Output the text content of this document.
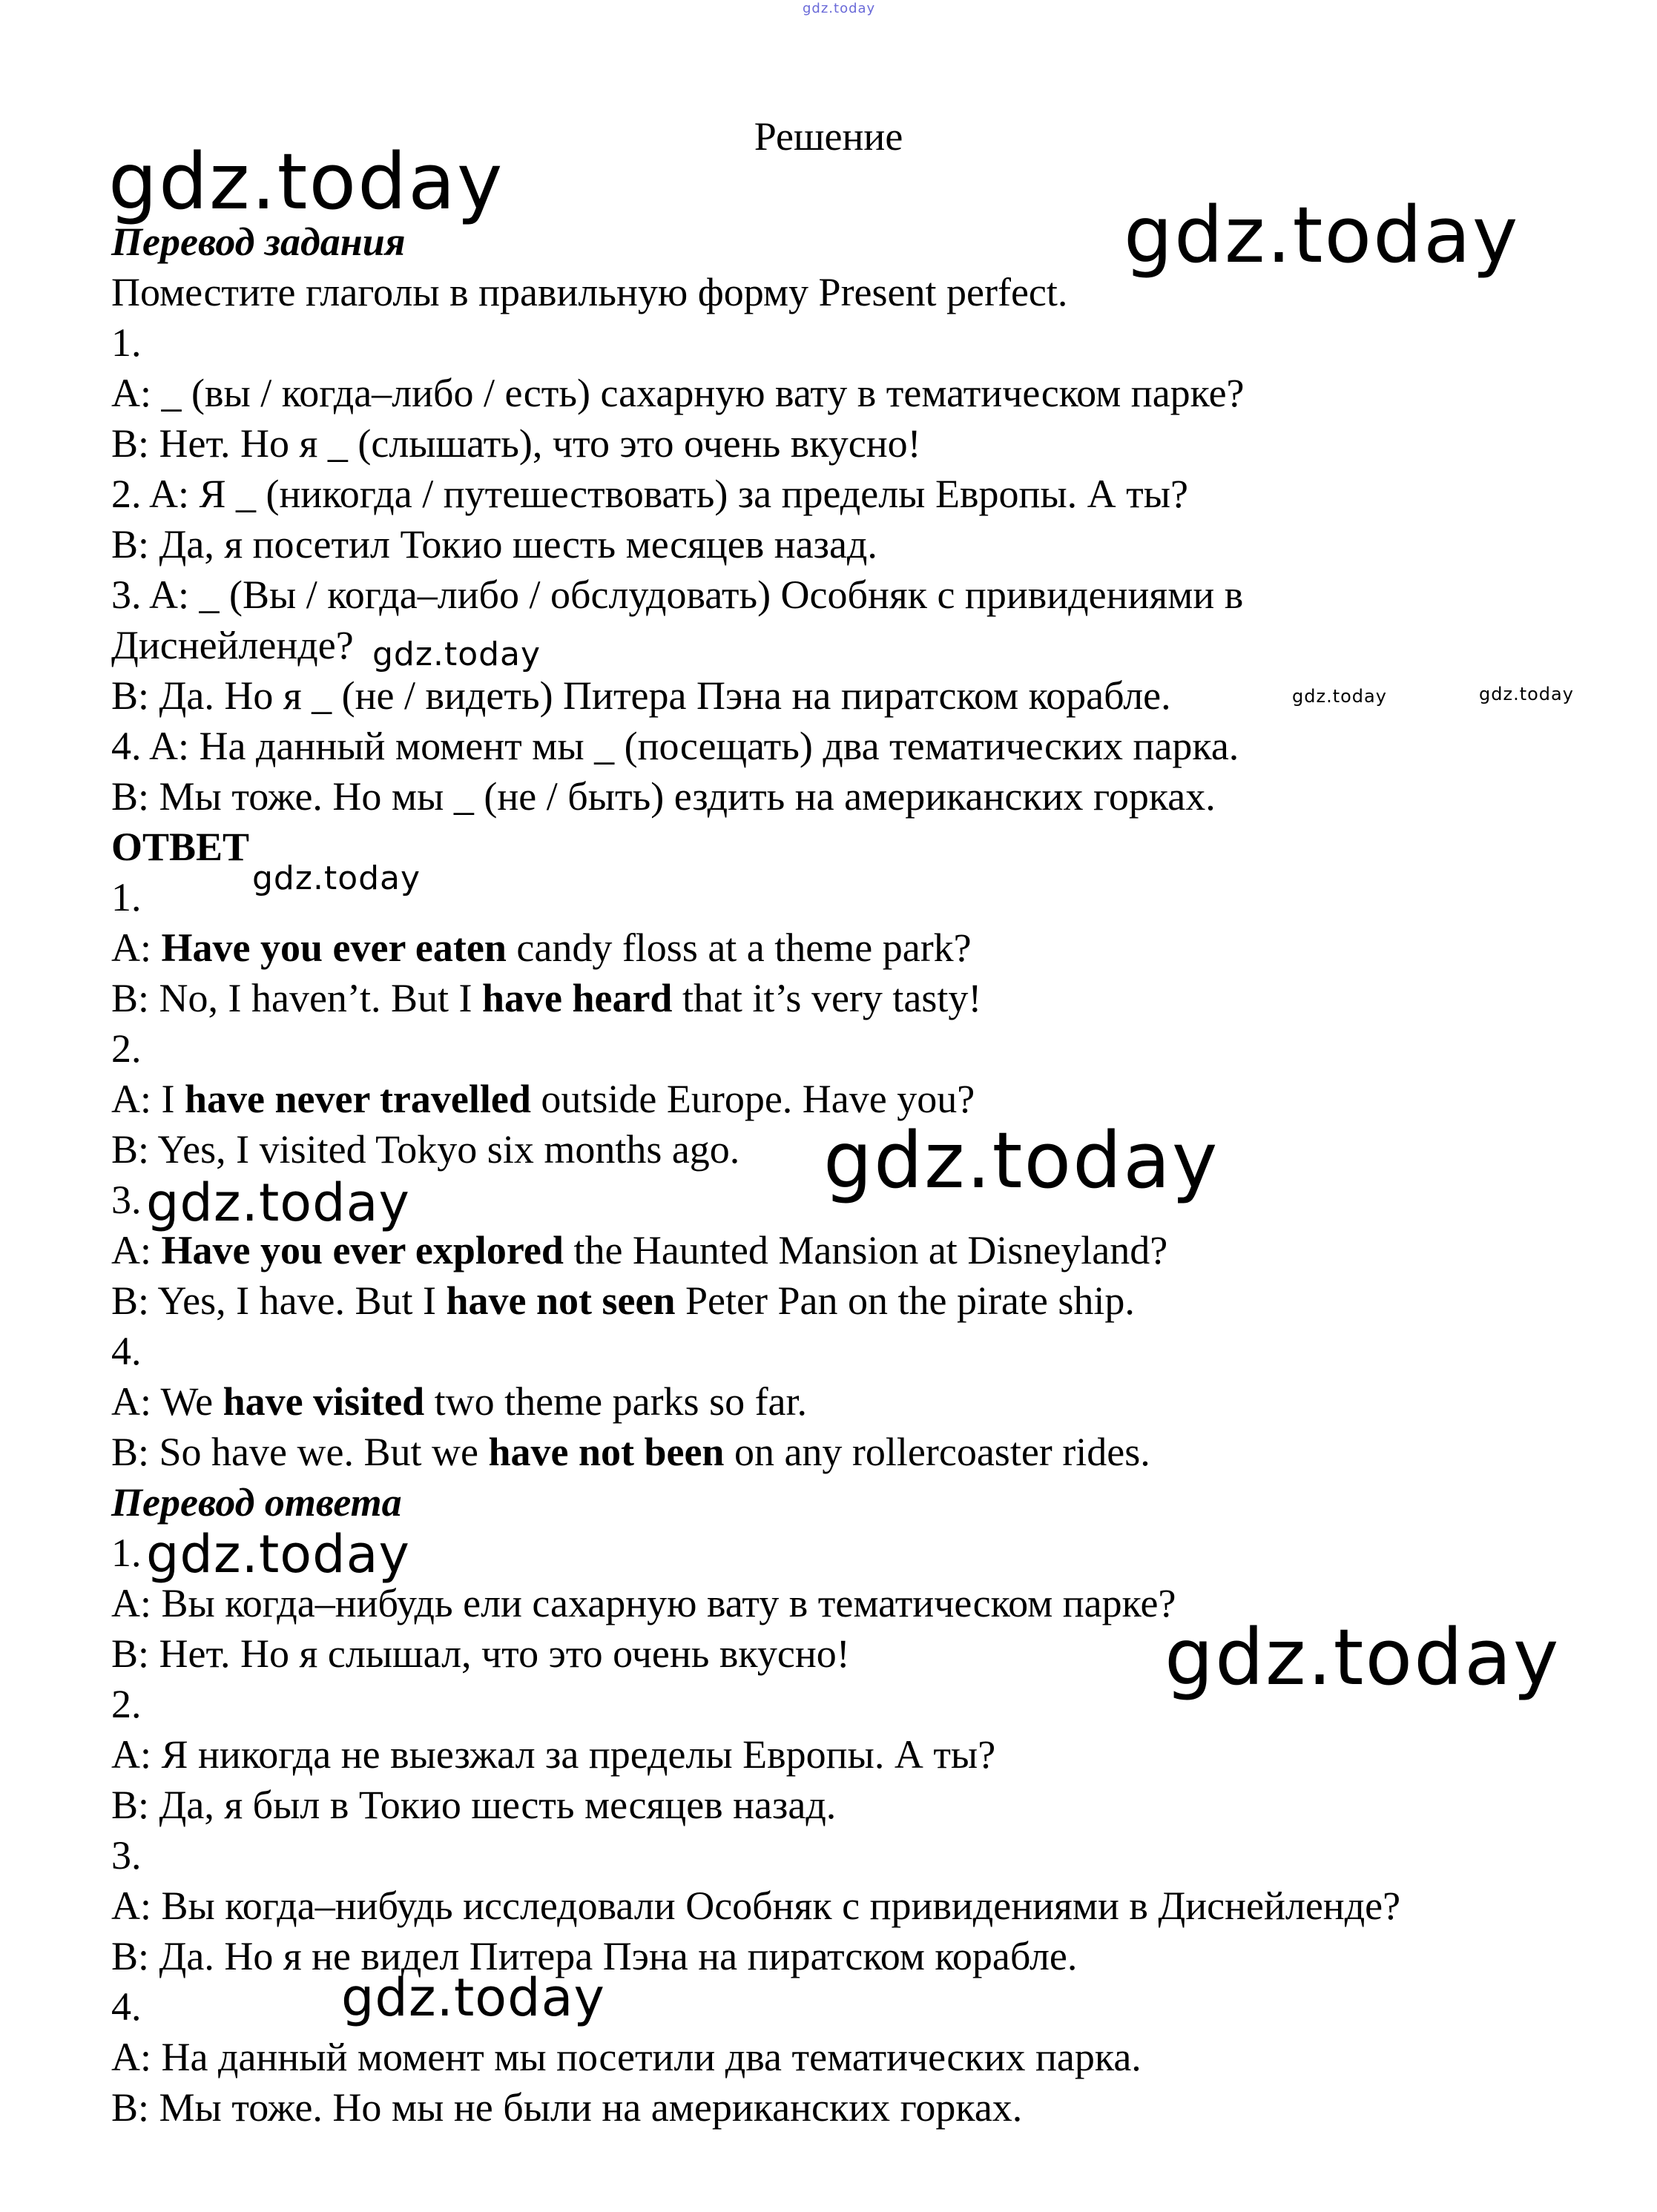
gdz.today
Решение
gdz.today
gdz.today
gdz.today
gdz.today	gdz.today
gdz.today
gdz.today
gdz.today
gdz.today
gdz.today
gdz.today
Перевод задания
Поместите глаголы в правильную форму Present perfect.
1.
A: _ (вы / когда–либо / есть) сахарную вату в тематическом парке?
B: Нет. Но я _ (слышать), что это очень вкусно!
2. A: Я _ (никогда / путешествовать) за пределы Европы. А ты?
B: Да, я посетил Токио шесть месяцев назад.
3. A: _ (Вы / когда–либо / обслудовать) Особняк с привидениями в
Диснейленде?
B: Да. Но я _ (не / видеть) Питера Пэна на пиратском корабле.
4. A: На данный момент мы _ (посещать) два тематических парка.
B: Мы тоже. Но мы _ (не / быть) ездить на американских горках.
ОТВЕТ
1.
A: Have you ever eaten candy floss at a theme park?
B: No, I haven’t. But I have heard that it’s very tasty!
2.
A: I have never travelled outside Europe. Have you?
B: Yes, I visited Tokyo six months ago.
3.
A: Have you ever explored the Haunted Mansion at Disneyland?
B: Yes, I have. But I have not seen Peter Pan on the pirate ship.
4.
A: We have visited two theme parks so far.
B: So have we. But we have not been on any rollercoaster rides.
Перевод ответа
1.
A: Вы когда–нибудь ели сахарную вату в тематическом парке?
B: Нет. Но я слышал, что это очень вкусно!
2.
A: Я никогда не выезжал за пределы Европы. А ты?
B: Да, я был в Токио шесть месяцев назад.
3.
A: Вы когда–нибудь исследовали Особняк с привидениями в Диснейленде?
B: Да. Но я не видел Питера Пэна на пиратском корабле.
4.
A: На данный момент мы посетили два тематических парка.
B: Мы тоже. Но мы не были на американских горках.
